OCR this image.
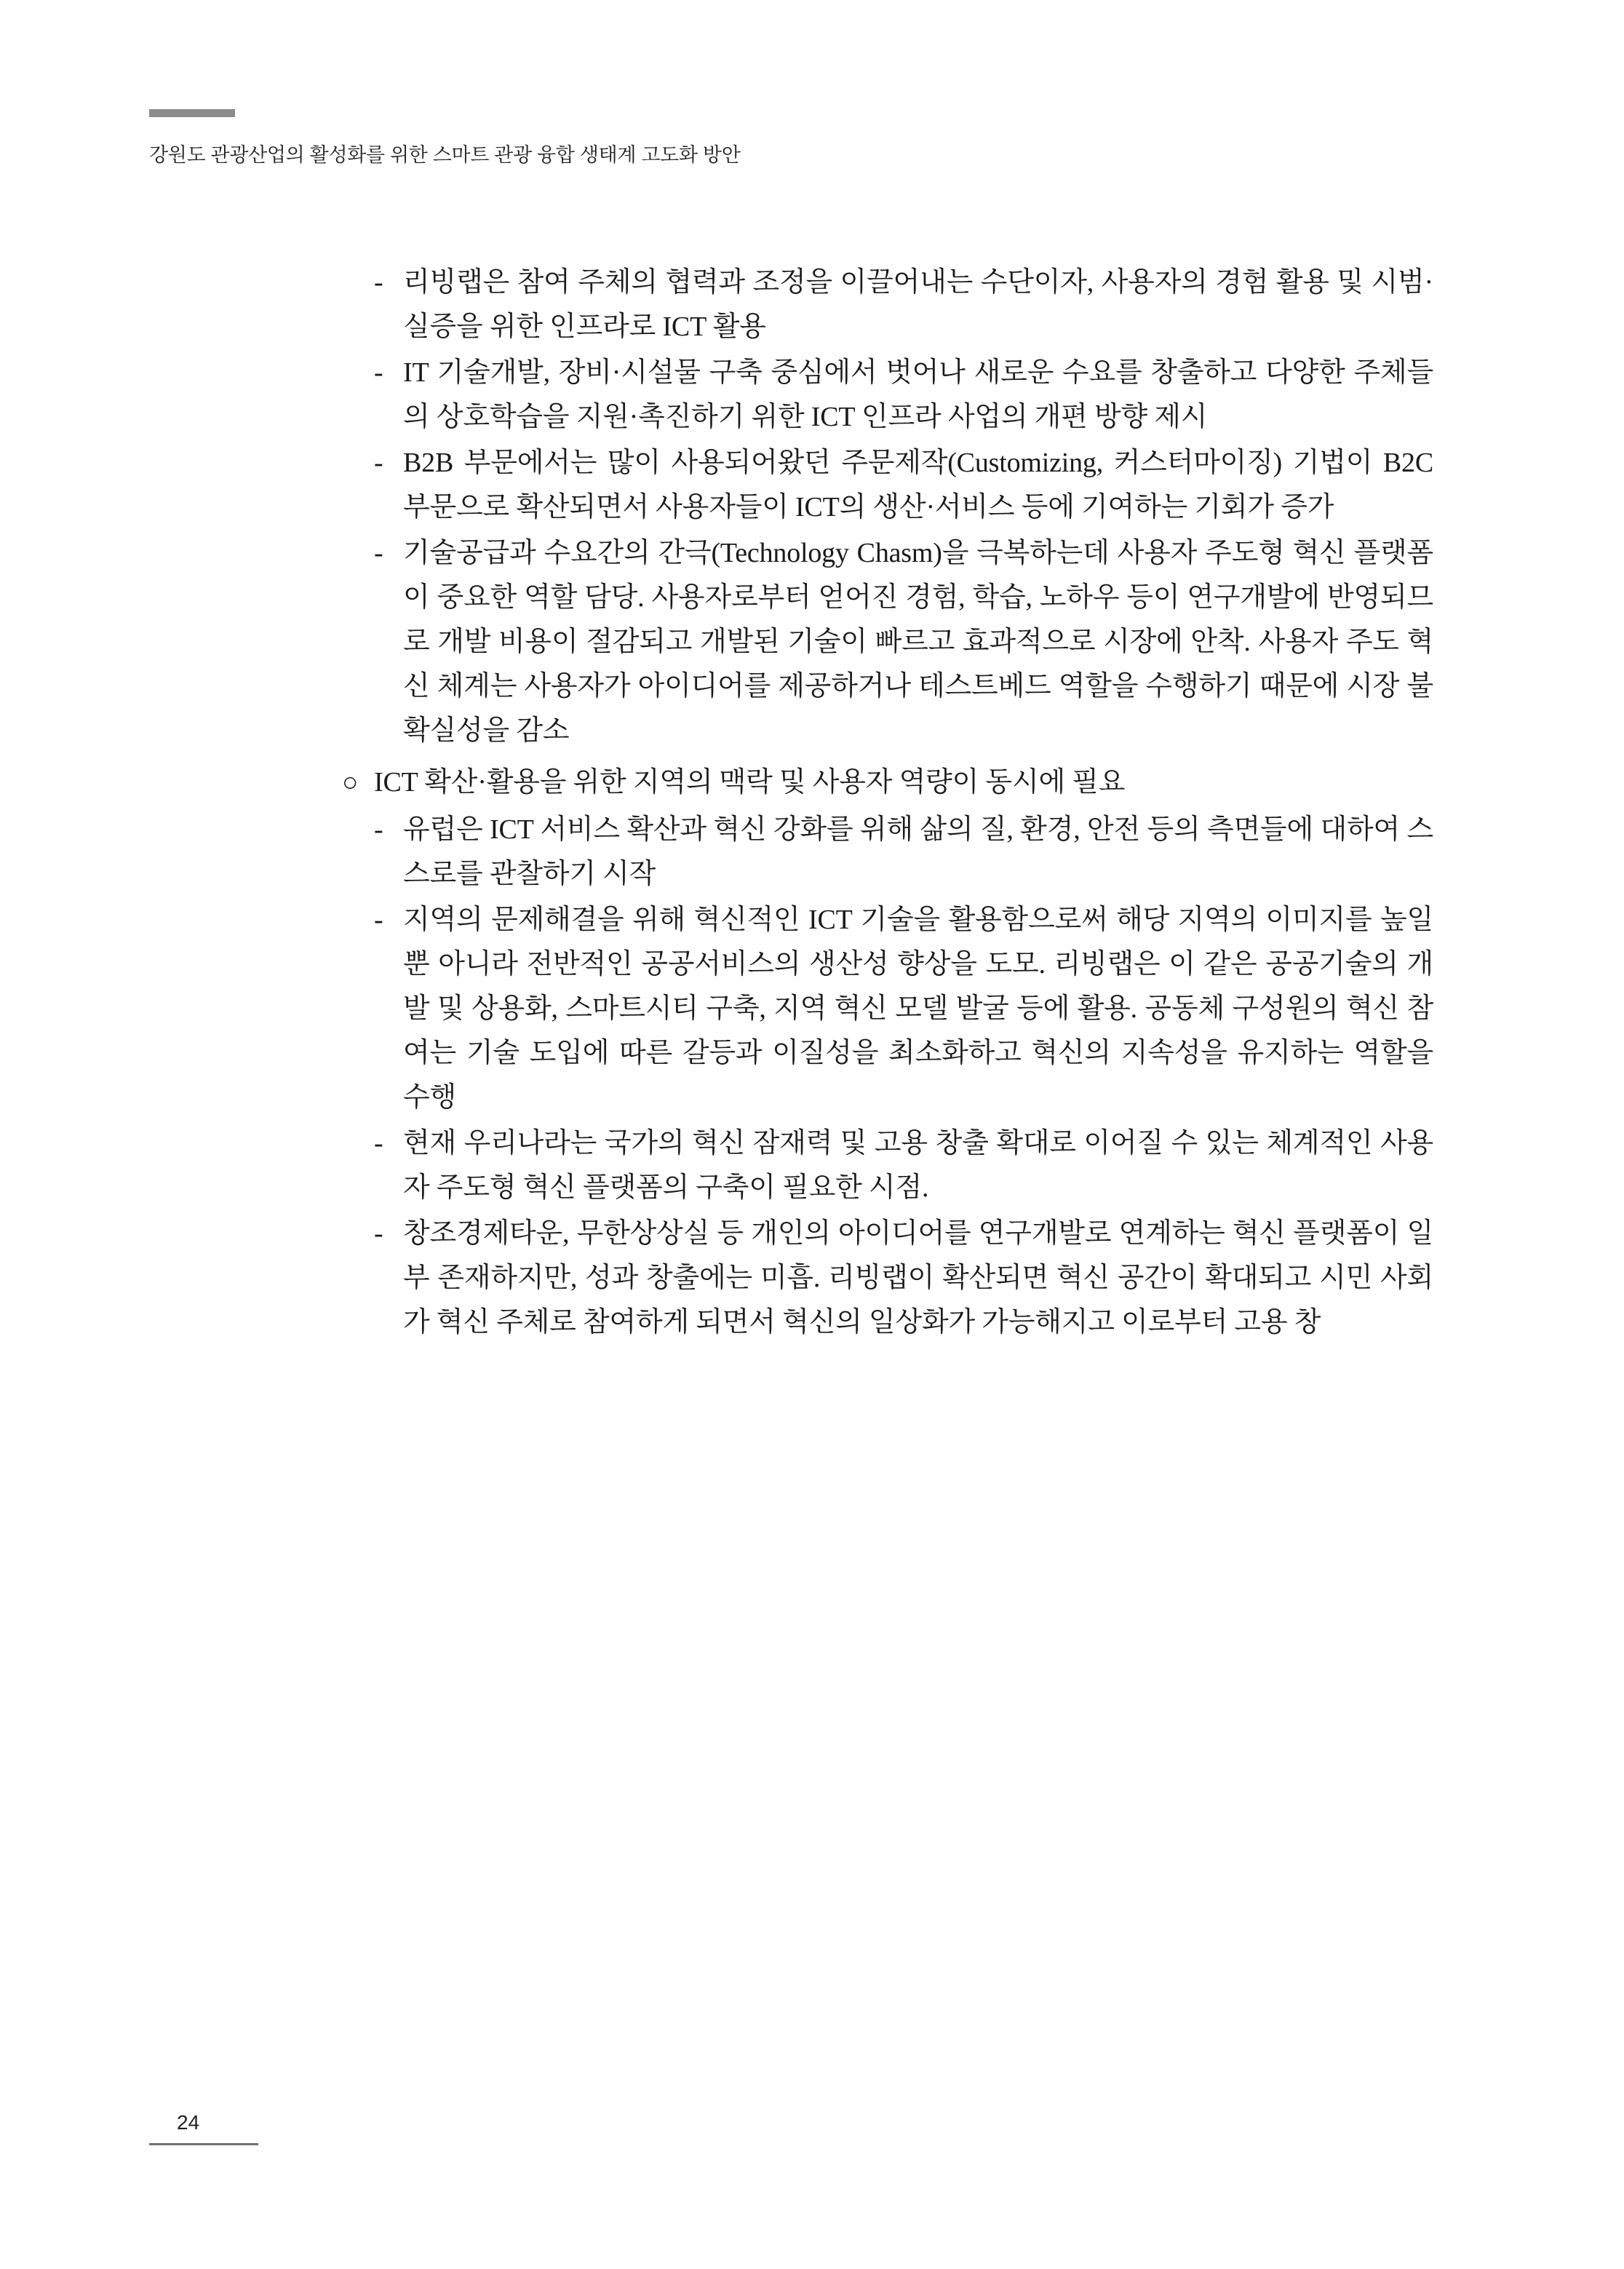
강원도 관광산업의 활성화를 위한 스마트 관광 융합 생태계 고도화 방안
- 리빙랩은 참여 주체의 협력과 조정을 이끌어내는 수단이자, 사용자의 경험 활용 및 시범·실증을 위한 인프라로 ICT 활용
- IT 기술개발, 장비·시설물 구축 중심에서 벗어나 새로운 수요를 창출하고 다양한 주체들의 상호학습을 지원·촉진하기 위한 ICT 인프라 사업의 개편 방향 제시
- B2B 부문에서는 많이 사용되어왔던 주문제작(Customizing, 커스터마이징) 기법이 B2C 부문으로 확산되면서 사용자들이 ICT의 생산·서비스 등에 기여하는 기회가 증가
- 기술공급과 수요간의 간극(Technology Chasm)을 극복하는데 사용자 주도형 혁신 플랫폼이 중요한 역할 담당. 사용자로부터 얻어진 경험, 학습, 노하우 등이 연구개발에 반영되므로 개발 비용이 절감되고 개발된 기술이 빠르고 효과적으로 시장에 안착. 사용자 주도 혁신 체계는 사용자가 아이디어를 제공하거나 테스트베드 역할을 수행하기 때문에 시장 불확실성을 감소
○ ICT 확산·활용을 위한 지역의 맥락 및 사용자 역량이 동시에 필요
- 유럽은 ICT 서비스 확산과 혁신 강화를 위해 삶의 질, 환경, 안전 등의 측면들에 대하여 스스로를 관찰하기 시작
- 지역의 문제해결을 위해 혁신적인 ICT 기술을 활용함으로써 해당 지역의 이미지를 높일 뿐 아니라 전반적인 공공서비스의 생산성 향상을 도모. 리빙랩은 이 같은 공공기술의 개발 및 상용화, 스마트시티 구축, 지역 혁신 모델 발굴 등에 활용. 공동체 구성원의 혁신 참여는 기술 도입에 따른 갈등과 이질성을 최소화하고 혁신의 지속성을 유지하는 역할을 수행
- 현재 우리나라는 국가의 혁신 잠재력 및 고용 창출 확대로 이어질 수 있는 체계적인 사용자 주도형 혁신 플랫폼의 구축이 필요한 시점.
- 창조경제타운, 무한상상실 등 개인의 아이디어를 연구개발로 연계하는 혁신 플랫폼이 일부 존재하지만, 성과 창출에는 미흡. 리빙랩이 확산되면 혁신 공간이 확대되고 시민 사회가 혁신 주체로 참여하게 되면서 혁신의 일상화가 가능해지고 이로부터 고용 창
24
